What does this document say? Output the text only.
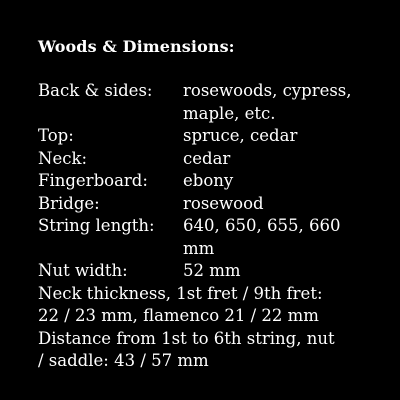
Woods & Dimensions:
Back & sides:	rosewoods, cypress, maple, etc.
Top:	spruce, cedar
Neck:	cedar
Fingerboard:	ebony
Bridge:	rosewood
String length:	640, 650, 655, 660 mm
Nut width:	52 mm
Neck thickness, 1st fret / 9th fret: 22 / 23 mm, flamenco 21 / 22 mm
Distance from 1st to 6th string, nut / saddle: 43 / 57 mm
